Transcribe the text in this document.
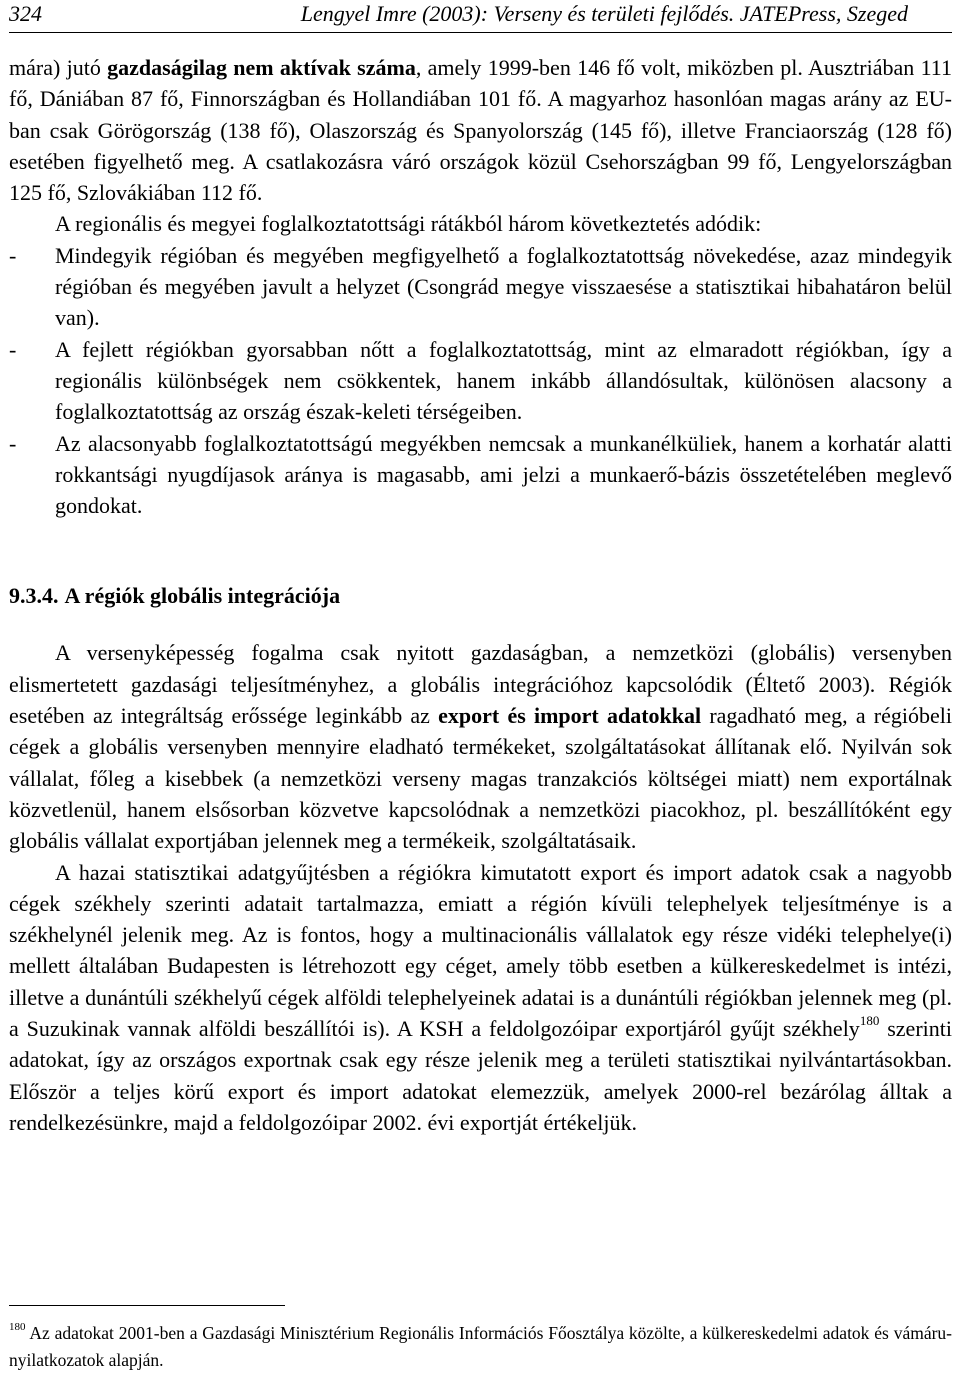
324	Lengyel Imre (2003): Verseny és területi fejlődés. JATEPress, Szeged

mára) jutó gazdaságilag nem aktívak száma, amely 1999-ben 146 fő volt, miközben pl. Ausztriában 111 fő, Dániában 87 fő, Finnországban és Hollandiában 101 fő. A magyarhoz hasonlóan magas arány az EU-ban csak Görögország (138 fő), Olaszország és Spanyolország (145 fő), illetve Franciaország (128 fő) esetében figyelhető meg. A csatlakozásra váró országok közül Csehországban 99 fő, Lengyelországban 125 fő, Szlovákiában 112 fő.

A regionális és megyei foglalkoztatottsági rátákból három következtetés adódik:

- Mindegyik régióban és megyében megfigyelhető a foglalkoztatottság növekedése, azaz mindegyik régióban és megyében javult a helyzet (Csongrád megye visszaesése a statisztikai hibahatáron belül van).

- A fejlett régiókban gyorsabban nőtt a foglalkoztatottság, mint az elmaradott régiókban, így a regionális különbségek nem csökkentek, hanem inkább állandósultak, különösen alacsony a foglalkoztatottság az ország észak-keleti térségeiben.

- Az alacsonyabb foglalkoztatottságú megyékben nemcsak a munkanélküliek, hanem a korhatár alatti rokkantsági nyugdíjasok aránya is magasabb, ami jelzi a munkaerő-bázis összetételében meglevő gondokat.

9.3.4. A régiók globális integrációja

A versenyképesség fogalma csak nyitott gazdaságban, a nemzetközi (globális) versenyben elismertetett gazdasági teljesítményhez, a globális integrációhoz kapcsolódik (Éltető 2003). Régiók esetében az integráltság erőssége leginkább az export és import adatokkal ragadható meg, a régióbeli cégek a globális versenyben mennyire eladható termékeket, szolgáltatásokat állítanak elő. Nyilván sok vállalat, főleg a kisebbek (a nemzetközi verseny magas tranzakciós költségei miatt) nem exportálnak közvetlenül, hanem elsősorban közvetve kapcsolódnak a nemzetközi piacokhoz, pl. beszállítóként egy globális vállalat exportjában jelennek meg a termékeik, szolgáltatásaik.

A hazai statisztikai adatgyűjtésben a régiókra kimutatott export és import adatok csak a nagyobb cégek székhely szerinti adatait tartalmazza, emiatt a régión kívüli telephelyek teljesítménye is a székhelynél jelenik meg. Az is fontos, hogy a multinacionális vállalatok egy része vidéki telephelye(i) mellett általában Budapesten is létrehozott egy céget, amely több esetben a külkereskedelmet is intézi, illetve a dunántúli székhelyű cégek alföldi telephelyeinek adatai is a dunántúli régiókban jelennek meg (pl. a Suzukinak vannak alföldi beszállítói is). A KSH a feldolgozóipar exportjáról gyűjt székhely$^{180}$ szerinti adatokat, így az országos exportnak csak egy része jelenik meg a területi statisztikai nyilvántartásokban. Először a teljes körű export és import adatokat elemezzük, amelyek 2000-rel bezárólag álltak a rendelkezésünkre, majd a feldolgozóipar 2002. évi exportját értékeljük.

$^{180}$ Az adatokat 2001-ben a Gazdasági Minisztérium Regionális Információs Főosztálya közölte, a külkereskedelmi adatok és vámáru-nyilatkozatok alapján.
